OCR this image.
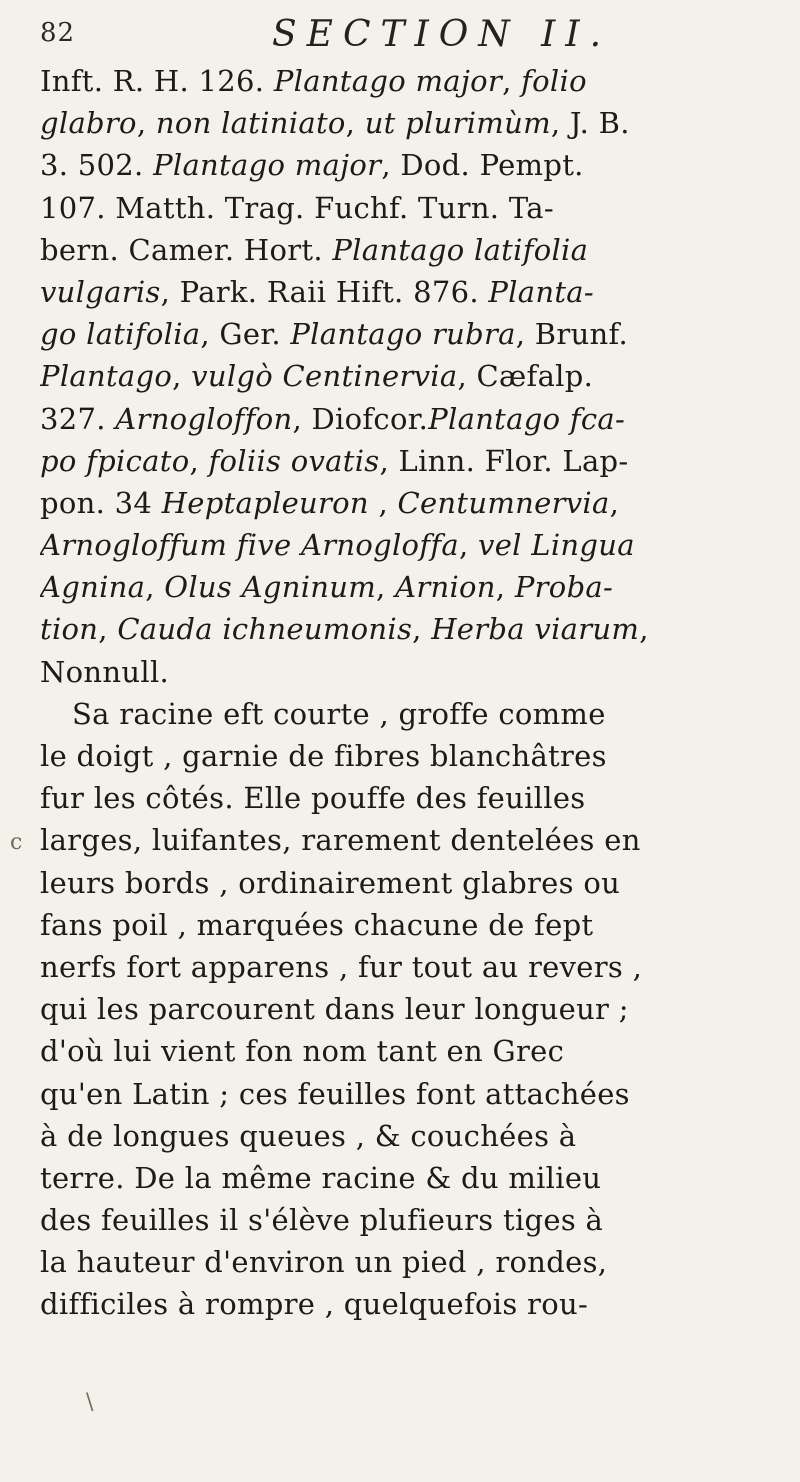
82	SECTION II.
Inft. R. H. 126. Plantago major, folio
glabro, non latiniato, ut plurimùm, J. B.
3. 502. Plantago major, Dod. Pempt.
107. Matth. Trag. Fuchf. Turn. Ta-
bern. Camer. Hort. Plantago latifolia
vulgaris, Park. Raii Hift. 876. Planta-
go latifolia, Ger. Plantago rubra, Brunf.
Plantago, vulgò Centinervia, Cæfalp.
327. Arnogloffon, Diofcor.Plantago fca-
po fpicato, foliis ovatis, Linn. Flor. Lap-
pon. 34 Heptapleuron , Centumnervia,
Arnogloffum five Arnogloffa, vel Lingua
Agnina, Olus Agninum, Arnion, Proba-
tion, Cauda ichneumonis, Herba viarum,
Nonnull.
Sa racine eft courte , groffe comme
le doigt , garnie de fibres blanchâtres
fur les côtés. Elle pouffe des feuilles
larges, luifantes, rarement dentelées en
leurs bords , ordinairement glabres ou
fans poil , marquées chacune de fept
nerfs fort apparens , fur tout au revers ,
qui les parcourent dans leur longueur ;
d'où lui vient fon nom tant en Grec
qu'en Latin ; ces feuilles font attachées
à de longues queues , & couchées à
terre. De la même racine & du milieu
des feuilles il s'élève plufieurs tiges à
la hauteur d'environ un pied , rondes,
difficiles à rompre , quelquefois rou-
c
\
